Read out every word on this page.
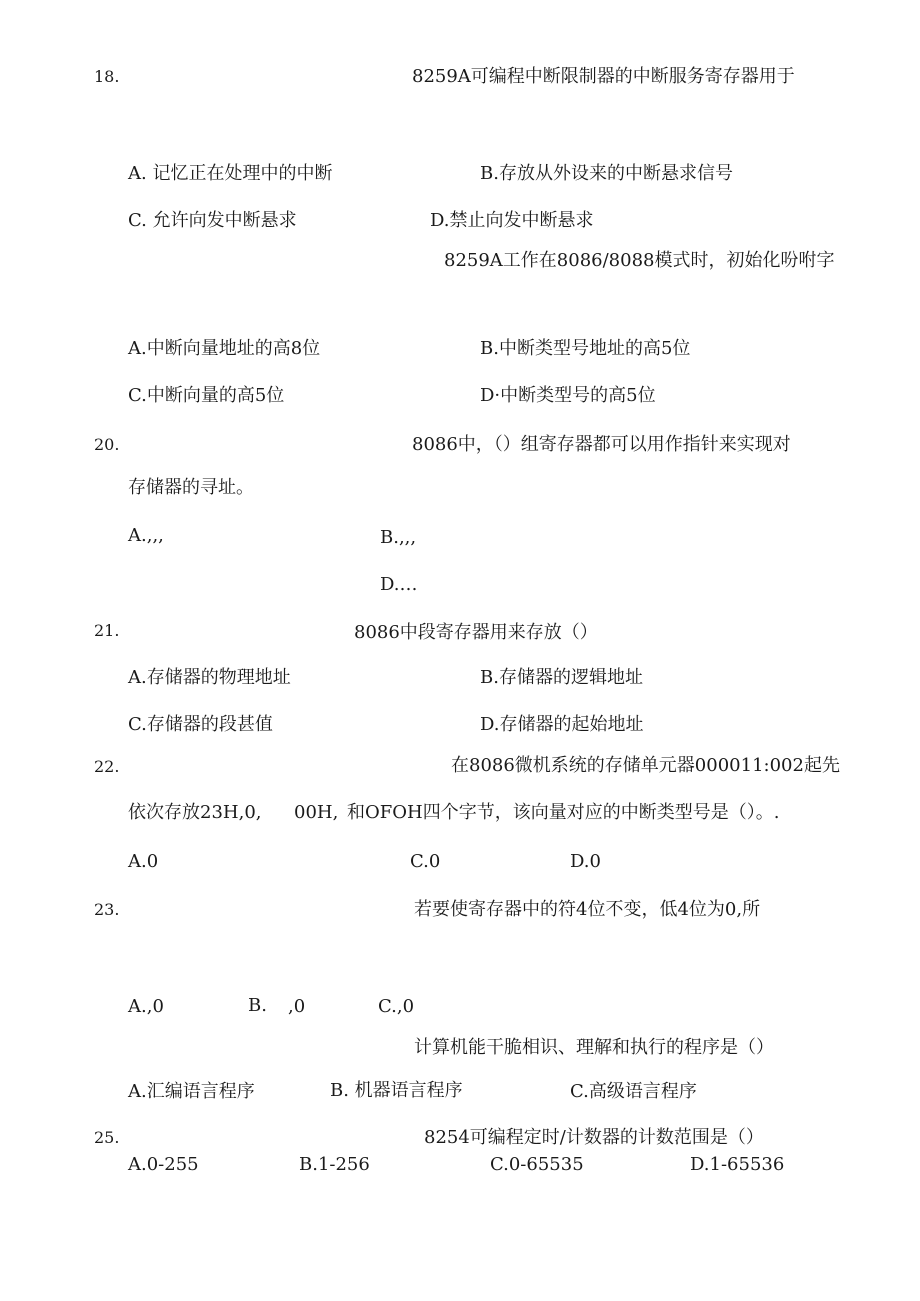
18.	8259A可编程中断限制器的中断服务寄存器用于
A. 记忆正在处理中的中断	B.存放从外设来的中断悬求信号
C. 允许向发中断悬求	D.禁止向发中断悬求
8259A工作在8086/8088模式时，初始化吩咐字
A.中断向量地址的高8位	B.中断类型号地址的高5位
C.中断向量的高5位	D·中断类型号的高5位
20.	8086中，（）组寄存器都可以用作指针来实现对
存储器的寻址。
A.,,,	B.,,,
D.…
21.	8086中段寄存器用来存放（）
A.存储器的物理地址	B.存储器的逻辑地址
C.存储器的段甚值	D.存储器的起始地址
22.	在8086微机系统的存储单元器000011:002起先
依次存放23H,0, 00H, 和OFOH四个字节，该向量对应的中断类型号是（）。.
A.0	C.0	D.0
23.	若要使寄存器中的符4位不变，低4位为0,所
A.,0	B. ,0	C.,0
计算机能干脆相识、理解和执行的程序是（）
A.汇编语言程序	B. 机器语言程序	C.高级语言程序
25.	8254可编程定时/计数器的计数范围是（）
A.0-255	B.1-256	C.0-65535	D.1-65536
